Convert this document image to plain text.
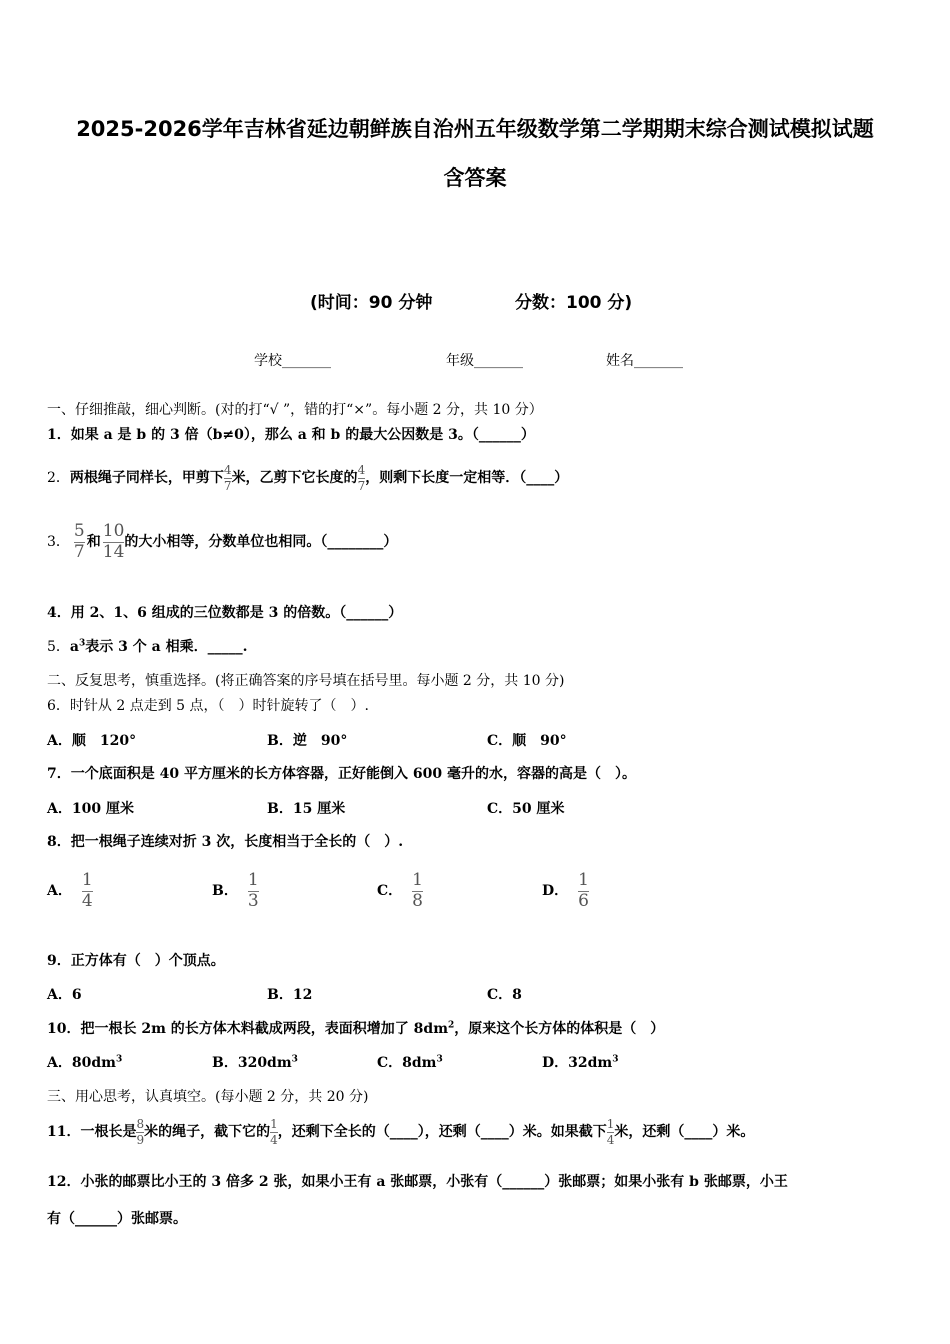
2025-2026学年吉林省延边朝鲜族自治州五年级数学第二学期期末综合测试模拟试题
含答案
(时间：90 分钟	分数：100 分)
学校_______	年级_______	姓名_______
一、仔细推敲，细心判断。(对的打“√ ”，错的打“×”。每小题 2 分，共 10 分）
1．如果 a 是 b 的 3 倍（b≠0），那么 a 和 b 的最大公因数是 3。（______）
2． 两根绳子同样长，甲剪下 $\frac{4}{7}$ 米，乙剪下它长度的 $\frac{4}{7}$ ，则剩下长度一定相等．（____）
3． $\frac{5}{7}$ 和 $\frac{10}{14}$ 的大小相等，分数单位也相同。（________）
4．用 2、1、6 组成的三位数都是 3 的倍数。（______）
5．$a^3$表示 3 个 a 相乘．_____.
二、反复思考，慎重选择。(将正确答案的序号填在括号里。每小题 2 分，共 10 分)
6．时针从 2 点走到 5 点，（　）时针旋转了（　）.
A．顺　120°	B．逆　90°	C．顺　90°
7．一个底面积是 40 平方厘米的长方体容器，正好能倒入 600 毫升的水，容器的高是（　）。
A．100 厘米	B．15 厘米	C．50 厘米
8．把一根绳子连续对折 3 次，长度相当于全长的（　）.
A． $\frac{1}{4}$	B． $\frac{1}{3}$	C． $\frac{1}{8}$	D． $\frac{1}{6}$
9．正方体有（　）个顶点。
A．6	B．12	C．8
10．把一根长 2m 的长方体木料截成两段，表面积增加了 $8dm^2$，原来这个长方体的体积是（　）
A．$80dm^3$	B．$320dm^3$	C．$8dm^3$	D．$32dm^3$
三、用心思考，认真填空。(每小题 2 分，共 20 分)
11．一根长是 $\frac{8}{9}$ 米的绳子，截下它的 $\frac{1}{4}$ ，还剩下全长的（____），还剩（____）米。如果截下 $\frac{1}{4}$ 米，还剩（____）米。
12．小张的邮票比小王的 3 倍多 2 张，如果小王有 a 张邮票，小张有（______）张邮票；如果小张有 b 张邮票，小王
有（______）张邮票。
